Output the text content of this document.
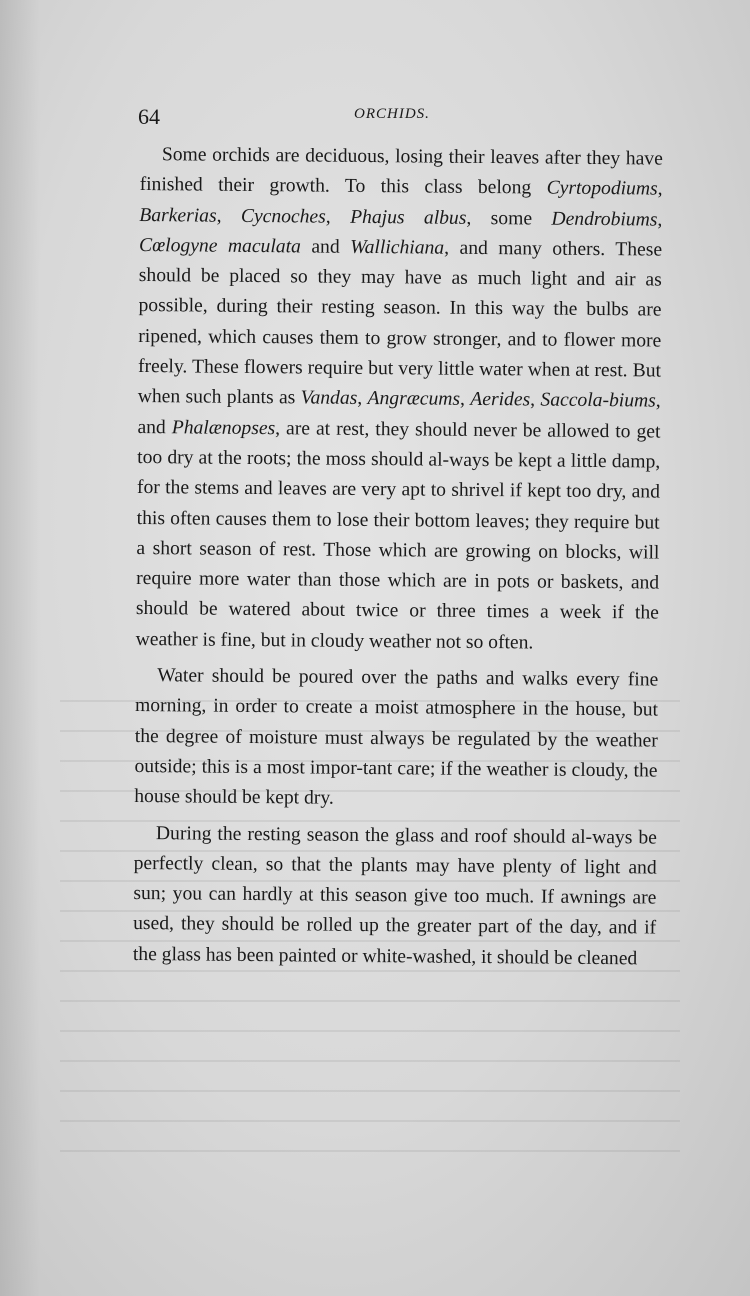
64	ORCHIDS.

Some orchids are deciduous, losing their leaves after they have finished their growth. To this class belong Cyrtopodiums, Barkerias, Cycnoches, Phajus albus, some Dendrobiums, Cœlogyne maculata and Wallichiana, and many others. These should be placed so they may have as much light and air as possible, during their resting season. In this way the bulbs are ripened, which causes them to grow stronger, and to flower more freely. These flowers require but very little water when at rest. But when such plants as Vandas, Angræcums, Aerides, Saccola-biums, and Phalænopses, are at rest, they should never be allowed to get too dry at the roots; the moss should al-ways be kept a little damp, for the stems and leaves are very apt to shrivel if kept too dry, and this often causes them to lose their bottom leaves; they require but a short season of rest. Those which are growing on blocks, will require more water than those which are in pots or baskets, and should be watered about twice or three times a week if the weather is fine, but in cloudy weather not so often.

Water should be poured over the paths and walks every fine morning, in order to create a moist atmosphere in the house, but the degree of moisture must always be regulated by the weather outside; this is a most impor-tant care; if the weather is cloudy, the house should be kept dry.

During the resting season the glass and roof should al-ways be perfectly clean, so that the plants may have plenty of light and sun; you can hardly at this season give too much. If awnings are used, they should be rolled up the greater part of the day, and if the glass has been painted or white-washed, it should be cleaned
